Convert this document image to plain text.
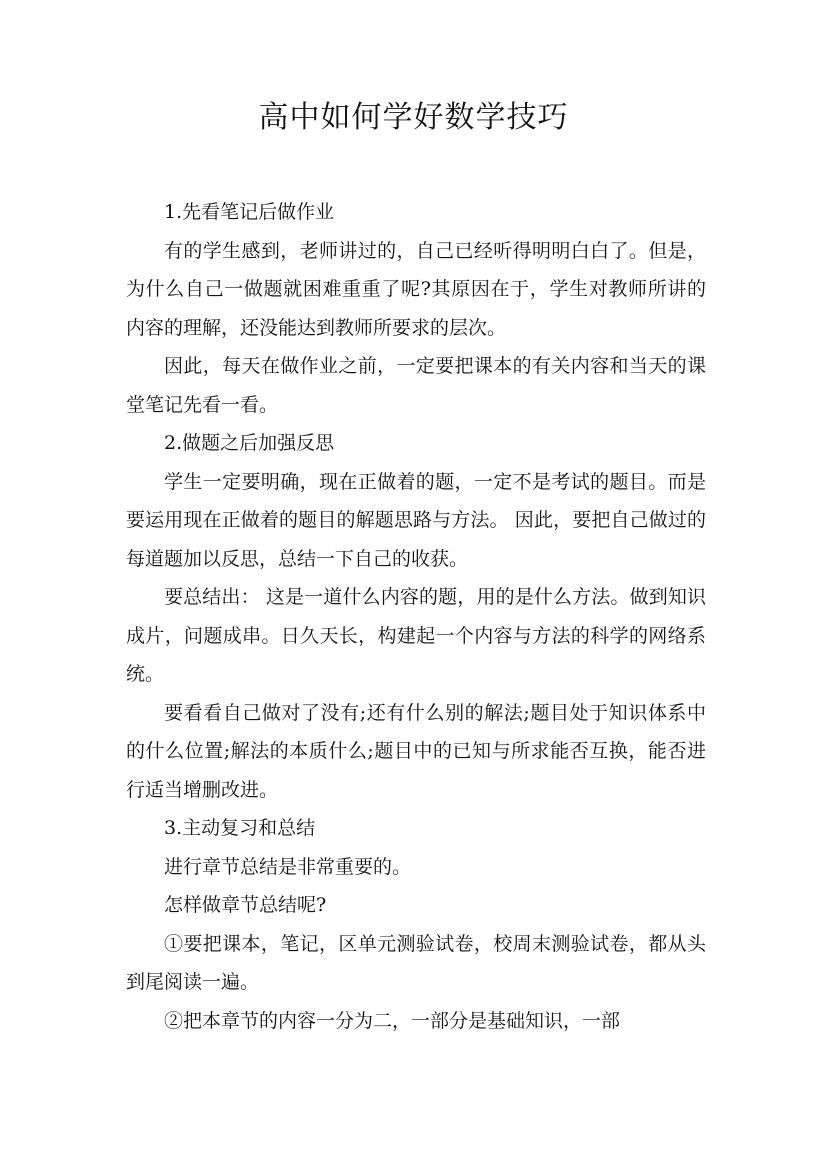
高中如何学好数学技巧

1.先看笔记后做作业

有的学生感到，老师讲过的，自己已经听得明明白白了。但是，为什么自己一做题就困难重重了呢?其原因在于，学生对教师所讲的内容的理解，还没能达到教师所要求的层次。

因此，每天在做作业之前，一定要把课本的有关内容和当天的课堂笔记先看一看。

2.做题之后加强反思

学生一定要明确，现在正做着的题，一定不是考试的题目。而是要运用现在正做着的题目的解题思路与方法。 因此，要把自己做过的每道题加以反思，总结一下自己的收获。

要总结出： 这是一道什么内容的题，用的是什么方法。做到知识成片，问题成串。日久天长，构建起一个内容与方法的科学的网络系统。

要看看自己做对了没有;还有什么别的解法;题目处于知识体系中的什么位置;解法的本质什么;题目中的已知与所求能否互换，能否进行适当增删改进。

3.主动复习和总结

进行章节总结是非常重要的。

怎样做章节总结呢?

①要把课本，笔记，区单元测验试卷，校周末测验试卷，都从头到尾阅读一遍。

②把本章节的内容一分为二，一部分是基础知识，一部
